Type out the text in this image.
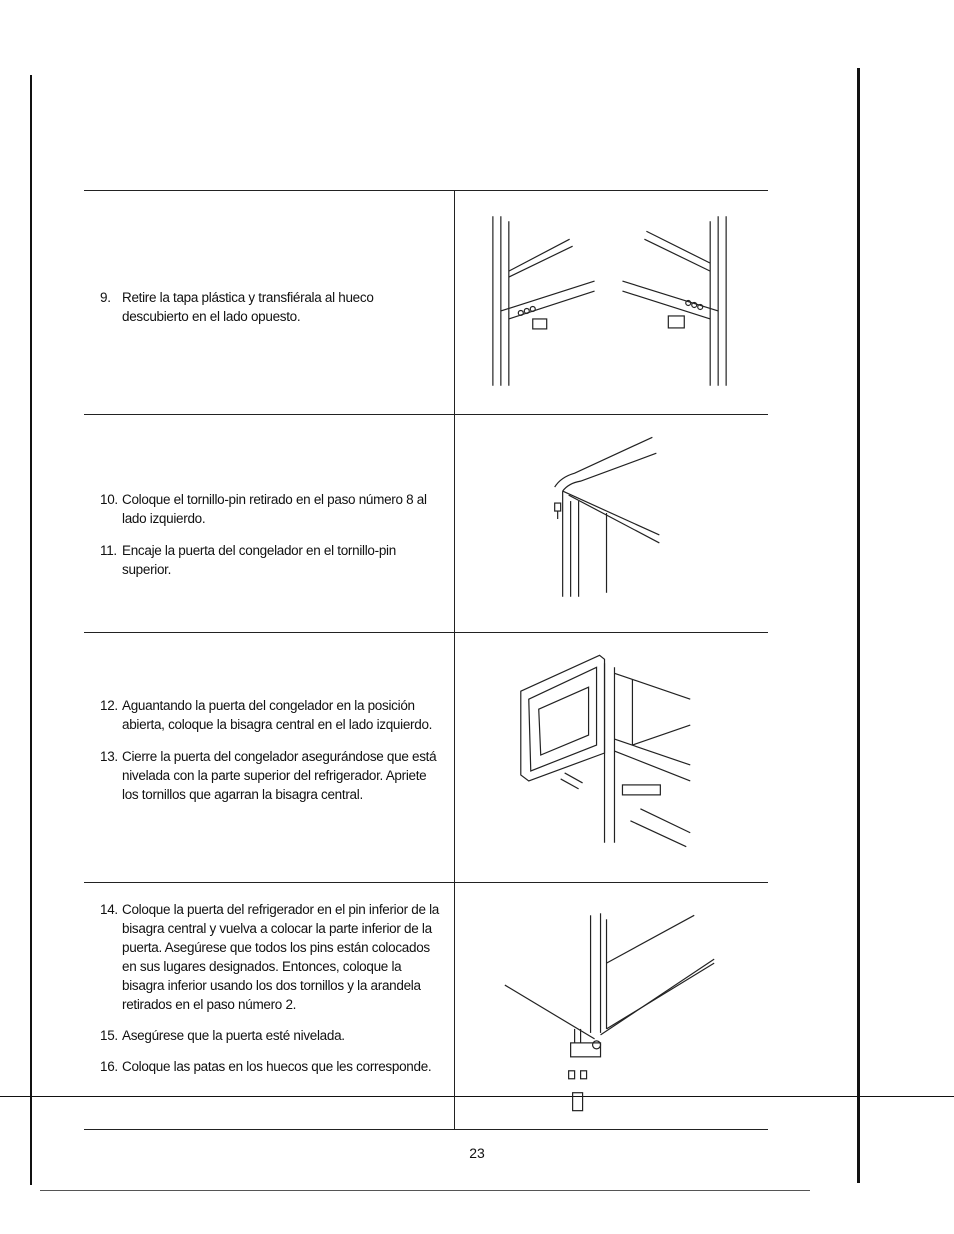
9. Retire la tapa plástica y transfiérala al hueco descubierto en el lado opuesto.
10. Coloque el tornillo-pin retirado en el paso número 8 al lado izquierdo.
11. Encaje la puerta del congelador en el tornillo-pin superior.
12. Aguantando la puerta del congelador en la posición abierta, coloque la bisagra central en el lado izquierdo.
13. Cierre la puerta del congelador asegurándose que está nivelada con la parte superior del refrigerador. Apriete los tornillos que agarran la bisagra central.
14. Coloque la puerta del refrigerador en el pin inferior de la bisagra central y vuelva a colocar la parte inferior de la puerta. Asegúrese que todos los pins están colocados en sus lugares designados. Entonces, coloque la bisagra inferior usando los dos tornillos y la arandela retirados en el paso número 2.
15. Asegúrese que la puerta esté nivelada.
16. Coloque las patas en los huecos que les corresponde.
23
